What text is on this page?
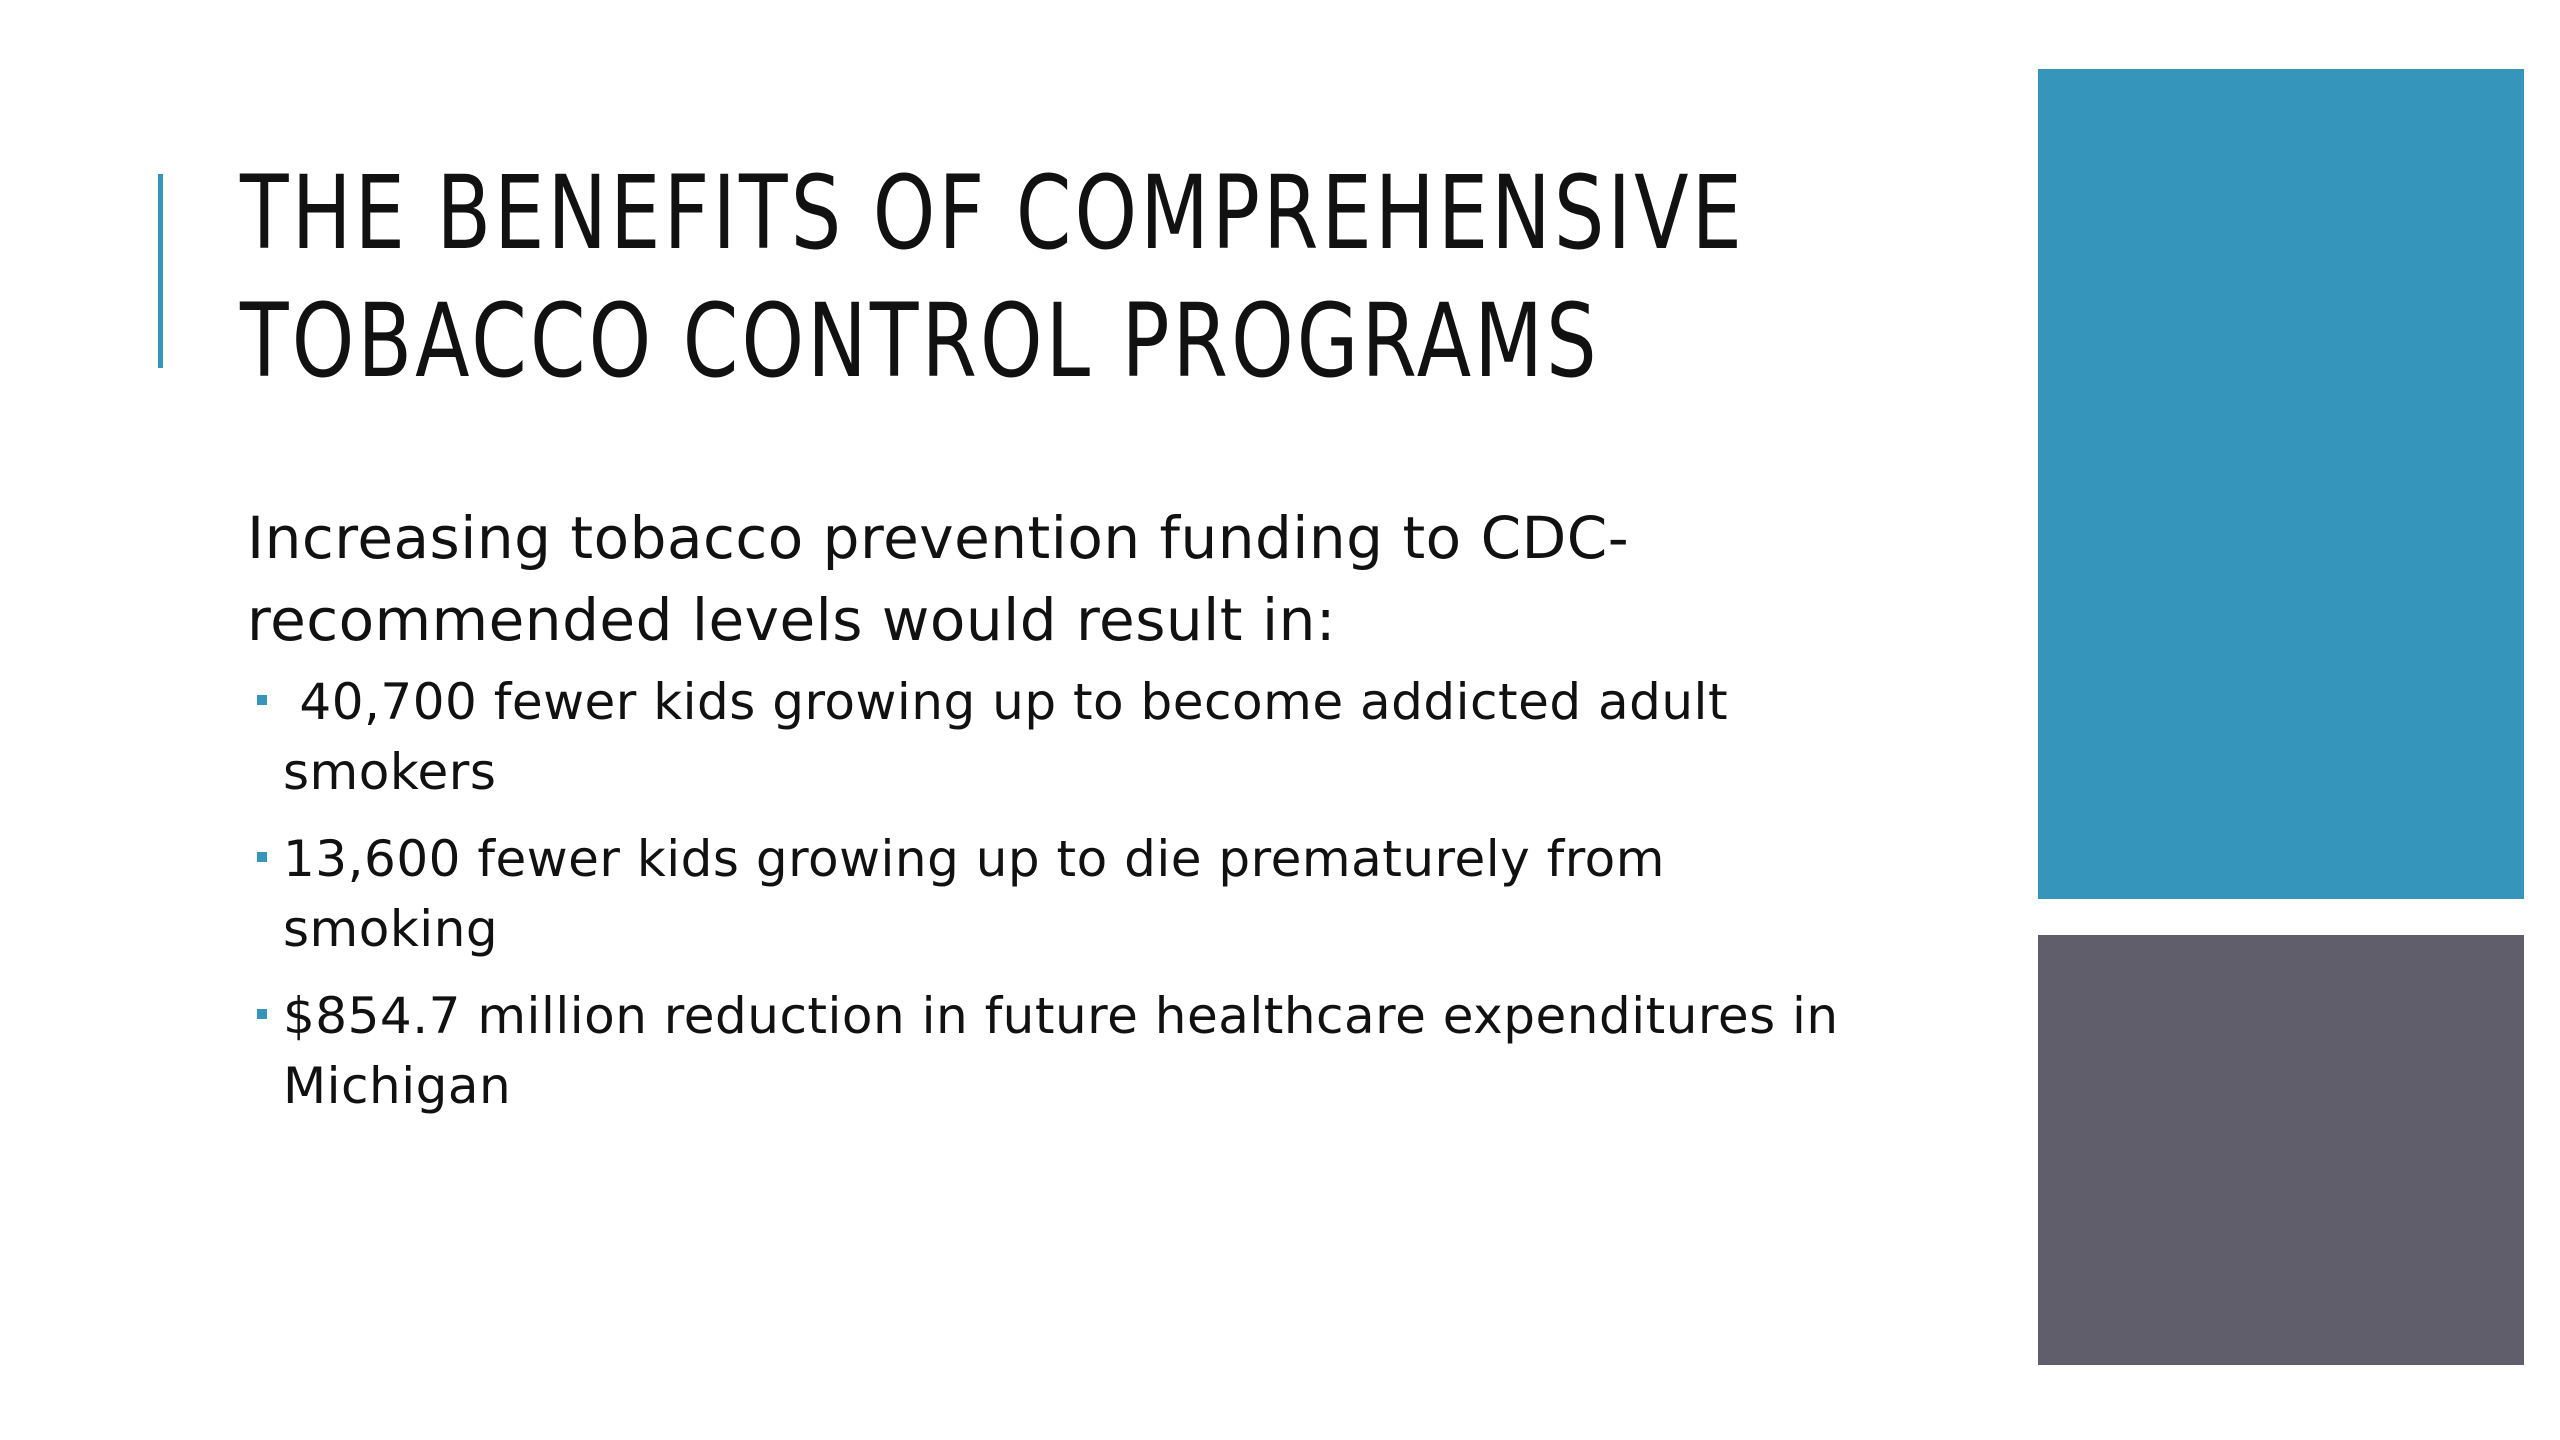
THE BENEFITS OF COMPREHENSIVE
TOBACCO CONTROL PROGRAMS

Increasing tobacco prevention funding to CDC-
recommended levels would result in:

40,700 fewer kids growing up to become addicted adult
smokers
13,600 fewer kids growing up to die prematurely from
smoking
$854.7 million reduction in future healthcare expenditures in
Michigan
